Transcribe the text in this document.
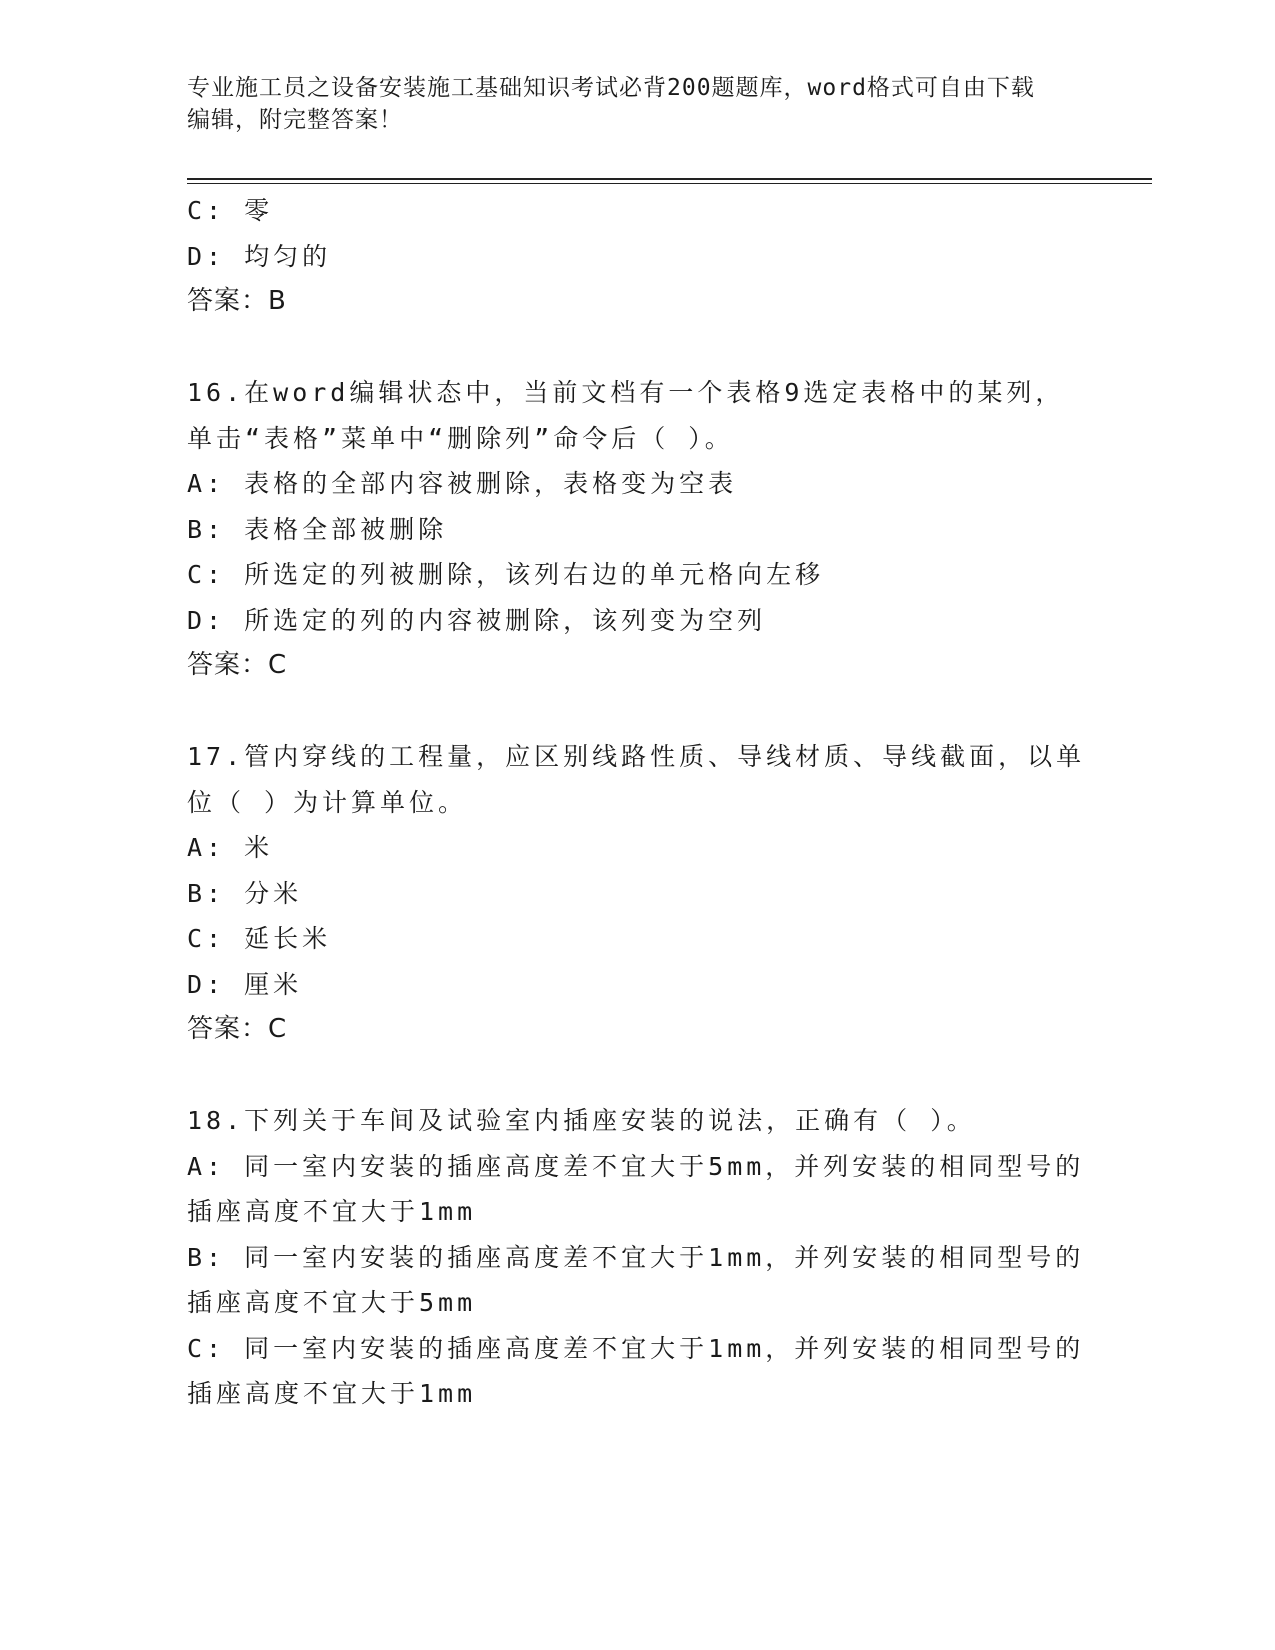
专业施工员之设备安装施工基础知识考试必背200题题库，word格式可自由下载
编辑，附完整答案！
C: 零
D: 均匀的
答案：B
16.在word编辑状态中，当前文档有一个表格9选定表格中的某列，
单击“表格”菜单中“删除列”命令后（ ）。
A: 表格的全部内容被删除，表格变为空表
B: 表格全部被删除
C: 所选定的列被删除，该列右边的单元格向左移
D: 所选定的列的内容被删除，该列变为空列
答案：C
17.管内穿线的工程量，应区别线路性质、导线材质、导线截面，以单
位（ ）为计算单位。
A: 米
B: 分米
C: 延长米
D: 厘米
答案：C
18.下列关于车间及试验室内插座安装的说法，正确有（ ）。
A: 同一室内安装的插座高度差不宜大于5mm，并列安装的相同型号的
插座高度不宜大于1mm
B: 同一室内安装的插座高度差不宜大于1mm，并列安装的相同型号的
插座高度不宜大于5mm
C: 同一室内安装的插座高度差不宜大于1mm，并列安装的相同型号的
插座高度不宜大于1mm
